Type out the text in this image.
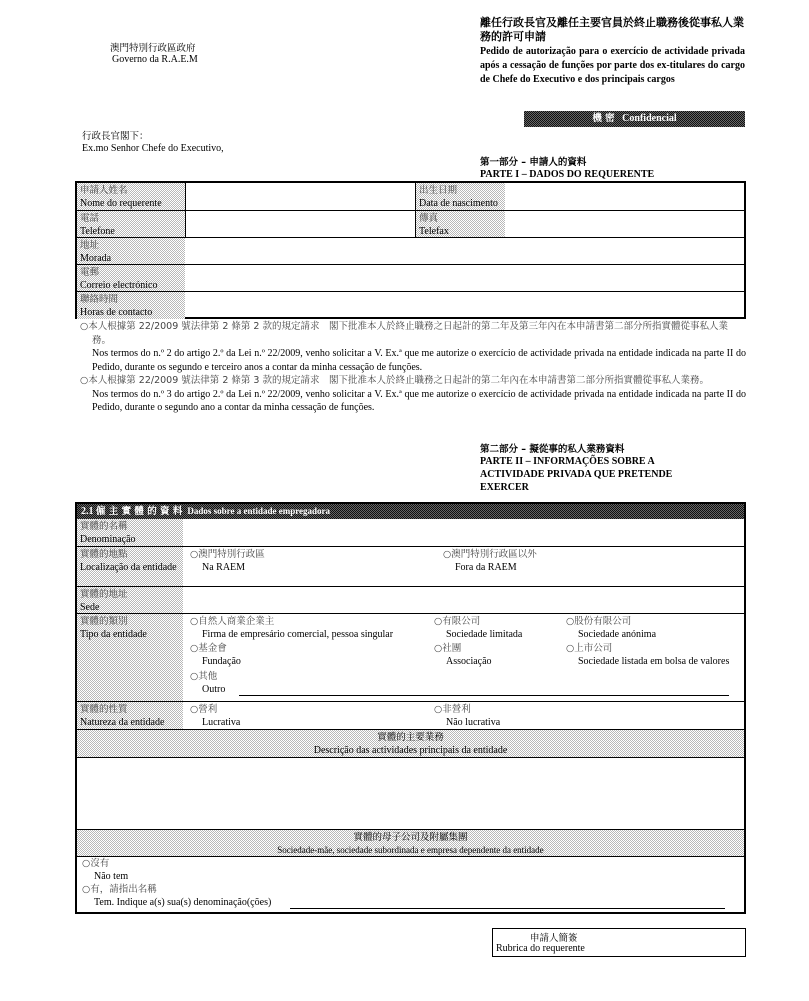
澳門特別行政區政府
Governo da R.A.E.M
離任行政長官及離任主要官員於終止職務後從事私人業務的許可申請
Pedido de autorização para o exercício de actividade privada após a cessação de funções por parte dos ex-titulares do cargo de Chefe do Executivo e dos principais cargos
機 密 Confidencial
行政長官閣下：
Ex.mo Senhor Chefe do Executivo,
第一部分 – 申請人的資料
PARTE I – DADOS DO REQUERENTE
申請人姓名
Nome do requerente
出生日期
Data de nascimento
電話
Telefone
傳真
Telefax
地址
Morada
電郵
Correio electrónico
聯絡時間
Horas de contacto

○本人根據第 22/2009 號法律第 2 條第 2 款的規定請求　閣下批准本人於終止職務之日起計的第二年及第三年內在本申請書第二部分所指實體從事私人業務。

Nos termos do n.º 2 do artigo 2.º da Lei n.º 22/2009, venho solicitar a V. Ex.ª que me autorize o exercício de actividade privada na entidade indicada na parte II do Pedido, durante os segundo e terceiro anos a contar da minha cessação de funções.

○本人根據第 22/2009 號法律第 2 條第 3 款的規定請求　閣下批准本人於終止職務之日起計的第二年內在本申請書第二部分所指實體從事私人業務。

Nos termos do n.º 3 do artigo 2.º da Lei n.º 22/2009, venho solicitar a V. Ex.ª que me autorize o exercício de actividade privada na entidade indicada na parte II do Pedido, durante o segundo ano a contar da minha cessação de funções.

第二部分 – 擬從事的私人業務資料
PARTE II – INFORMAÇÕES SOBRE A ACTIVIDADE PRIVADA QUE PRETENDE EXERCER
2.1 僱 主 實 體 的 資 料 Dados sobre a entidade empregadora
實體的名稱
Denominação
實體的地點
Localização da entidade
○澳門特別行政區
Na RAEM
○澳門特別行政區以外
Fora da RAEM
實體的地址
Sede
實體的類別
Tipo da entidade
○自然人商業企業主
Firma de empresário comercial, pessoa singular
○有限公司
Sociedade limitada
○股份有限公司
Sociedade anónima
○基金會
Fundação
○社團
Associação
○上市公司
Sociedade listada em bolsa de valores
○其他
Outro
實體的性質
Natureza da entidade
○營利
Lucrativa
○非營利
Não lucrativa
實體的主要業務
Descrição das actividades principais da entidade
實體的母子公司及附屬集團
Sociedade-mãe, sociedade subordinada e empresa dependente da entidade
○沒有
Não tem
○有，請指出名稱
Tem. Indique a(s) sua(s) denominação(ções)
申請人簡簽
Rubrica do requerente
